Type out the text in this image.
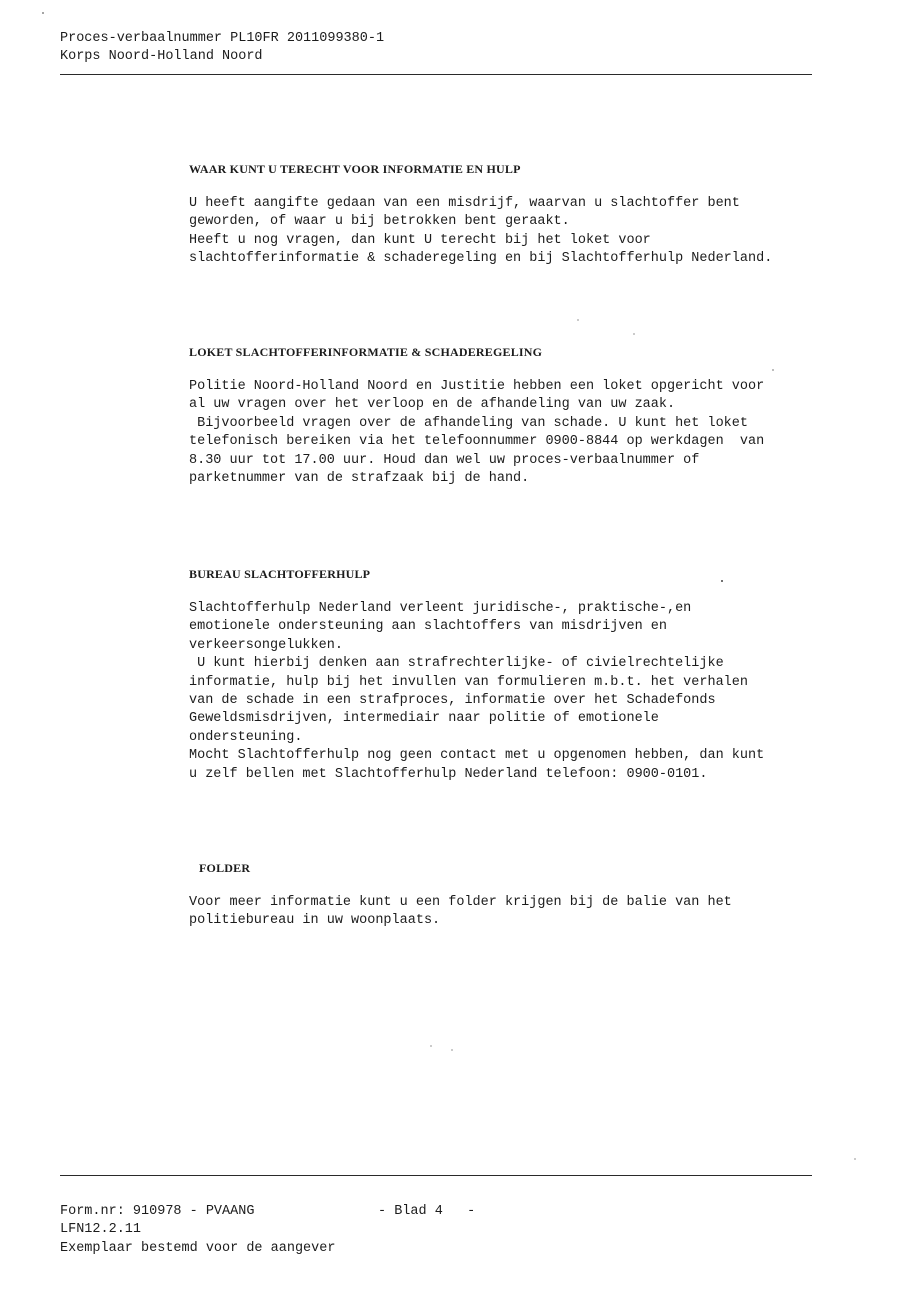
Proces-verbaalnummer PL10FR 2011099380-1
Korps Noord-Holland Noord
WAAR KUNT U TERECHT VOOR INFORMATIE EN HULP

U heeft aangifte gedaan van een misdrijf, waarvan u slachtoffer bent
geworden, of waar u bij betrokken bent geraakt.
Heeft u nog vragen, dan kunt U terecht bij het loket voor
slachtofferinformatie & schaderegeling en bij Slachtofferhulp Nederland.

LOKET SLACHTOFFERINFORMATIE & SCHADEREGELING

Politie Noord-Holland Noord en Justitie hebben een loket opgericht voor
al uw vragen over het verloop en de afhandeling van uw zaak.
Bijvoorbeeld vragen over de afhandeling van schade. U kunt het loket
telefonisch bereiken via het telefoonnummer 0900-8844 op werkdagen  van
8.30 uur tot 17.00 uur. Houd dan wel uw proces-verbaalnummer of
parketnummer van de strafzaak bij de hand.

BUREAU SLACHTOFFERHULP

Slachtofferhulp Nederland verleent juridische-, praktische-,en
emotionele ondersteuning aan slachtoffers van misdrijven en
verkeersongelukken.
U kunt hierbij denken aan strafrechterlijke- of civielrechtelijke
informatie, hulp bij het invullen van formulieren m.b.t. het verhalen
van de schade in een strafproces, informatie over het Schadefonds
Geweldsmisdrijven, intermediair naar politie of emotionele
ondersteuning.
Mocht Slachtofferhulp nog geen contact met u opgenomen hebben, dan kunt
u zelf bellen met Slachtofferhulp Nederland telefoon: 0900-0101.

FOLDER

Voor meer informatie kunt u een folder krijgen bij de balie van het
politiebureau in uw woonplaats.

Form.nr: 910978 - PVAANG
LFN12.2.11
Exemplaar bestemd voor de aangever
- Blad 4   -
